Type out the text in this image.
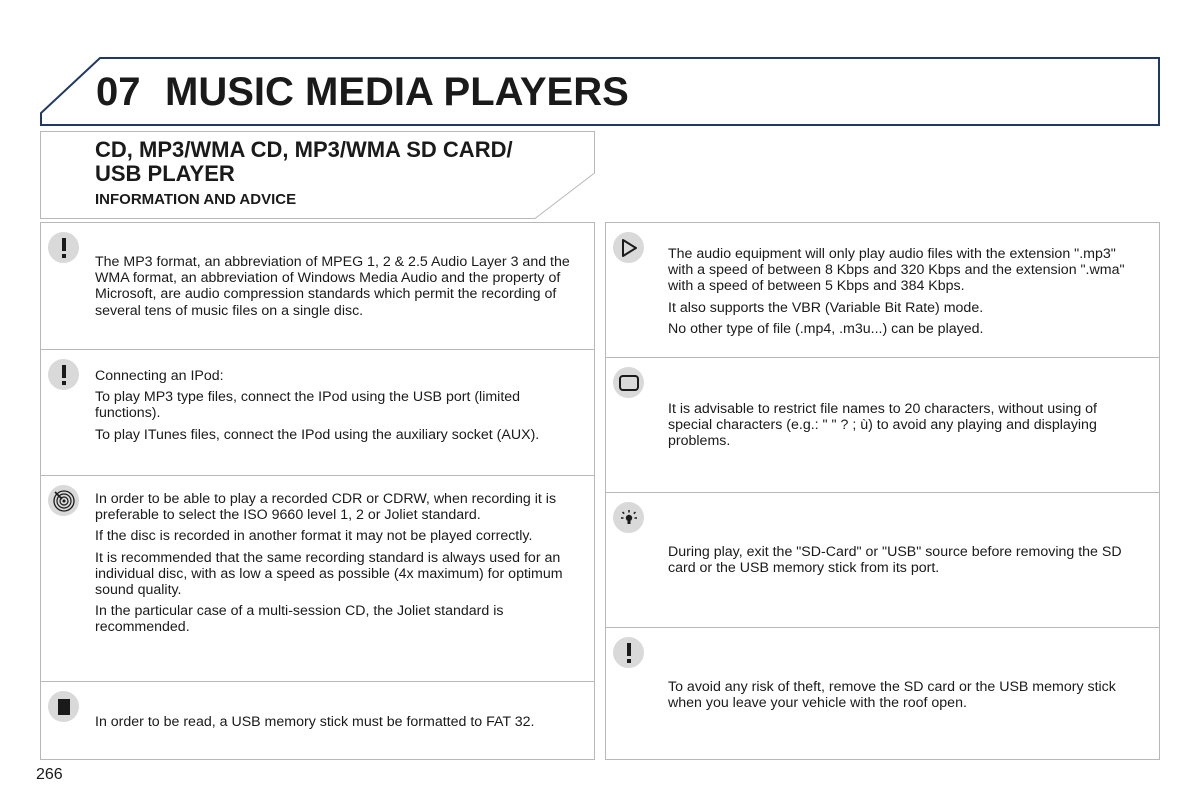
07 MUSIC MEDIA PLAYERS
CD, MP3/WMA CD, MP3/WMA SD CARD/
USB PLAYER
INFORMATION AND ADVICE

The MP3 format, an abbreviation of MPEG 1, 2 & 2.5 Audio Layer 3 and the WMA format, an abbreviation of Windows Media Audio and the property of Microsoft, are audio compression standards which permit the recording of several tens of music files on a single disc.

Connecting an IPod:

To play MP3 type files, connect the IPod using the USB port (limited functions).

To play ITunes files, connect the IPod using the auxiliary socket (AUX).

In order to be able to play a recorded CDR or CDRW, when recording it is preferable to select the ISO 9660 level 1, 2 or Joliet standard.

If the disc is recorded in another format it may not be played correctly.

It is recommended that the same recording standard is always used for an individual disc, with as low a speed as possible (4x maximum) for optimum sound quality.

In the particular case of a multi-session CD, the Joliet standard is recommended.

In order to be read, a USB memory stick must be formatted to FAT 32.

The audio equipment will only play audio files with the extension ".mp3" with a speed of between 8 Kbps and 320 Kbps and the extension ".wma" with a speed of between 5 Kbps and 384 Kbps.

It also supports the VBR (Variable Bit Rate) mode.

No other type of file (.mp4, .m3u...) can be played.

It is advisable to restrict file names to 20 characters, without using of special characters (e.g.: " " ? ; ù) to avoid any playing and displaying problems.

During play, exit the "SD-Card" or "USB" source before removing the SD card or the USB memory stick from its port.

To avoid any risk of theft, remove the SD card or the USB memory stick when you leave your vehicle with the roof open.

266
